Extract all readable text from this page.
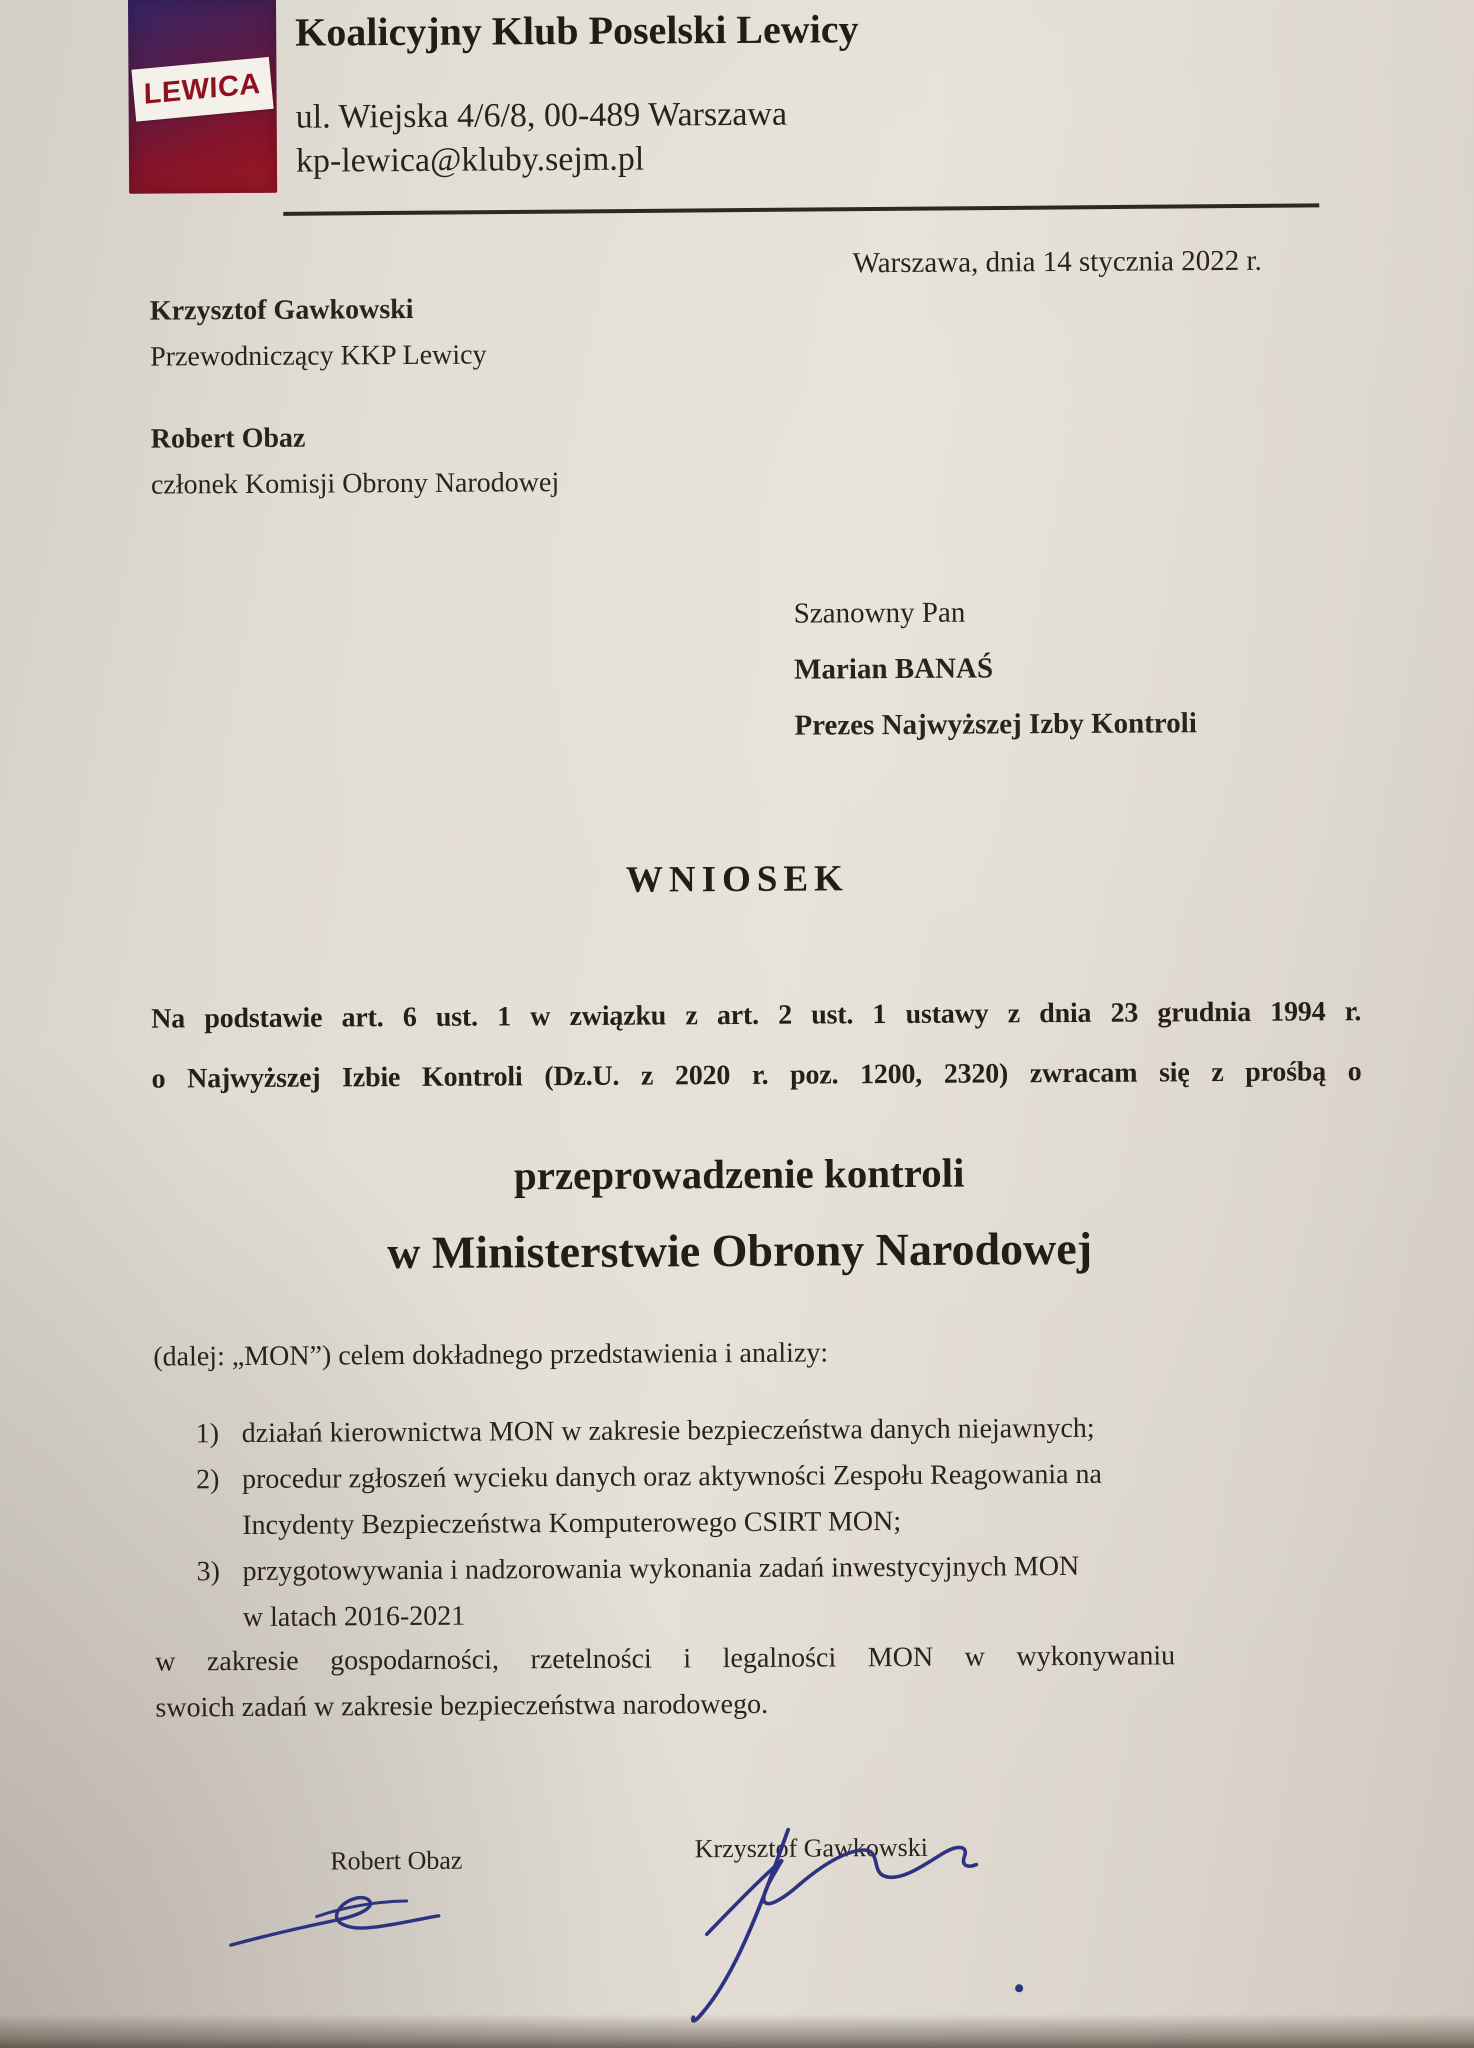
LEWICA
Koalicyjny Klub Poselski Lewicy
ul. Wiejska 4/6/8, 00-489 Warszawa
kp-lewica@kluby.sejm.pl
Warszawa, dnia 14 stycznia 2022 r.
Krzysztof Gawkowski
Przewodniczący KKP Lewicy
Robert Obaz
członek Komisji Obrony Narodowej
Szanowny Pan
Marian BANAŚ
Prezes Najwyższej Izby Kontroli
WNIOSEK
Na podstawie art. 6 ust. 1 w związku z art. 2 ust. 1 ustawy z dnia 23 grudnia 1994 r.
o Najwyższej Izbie Kontroli (Dz.U. z 2020 r. poz. 1200, 2320) zwracam się z prośbą o
przeprowadzenie kontroli
w Ministerstwie Obrony Narodowej
(dalej: „MON”) celem dokładnego przedstawienia i analizy:
1) działań kierownictwa MON w zakresie bezpieczeństwa danych niejawnych;
2) procedur zgłoszeń wycieku danych oraz aktywności Zespołu Reagowania na
Incydenty Bezpieczeństwa Komputerowego CSIRT MON;
3) przygotowywania i nadzorowania wykonania zadań inwestycyjnych MON
w latach 2016-2021
w zakresie gospodarności, rzetelności i legalności MON w wykonywaniu
swoich zadań w zakresie bezpieczeństwa narodowego.
Robert Obaz	Krzysztof Gawkowski
